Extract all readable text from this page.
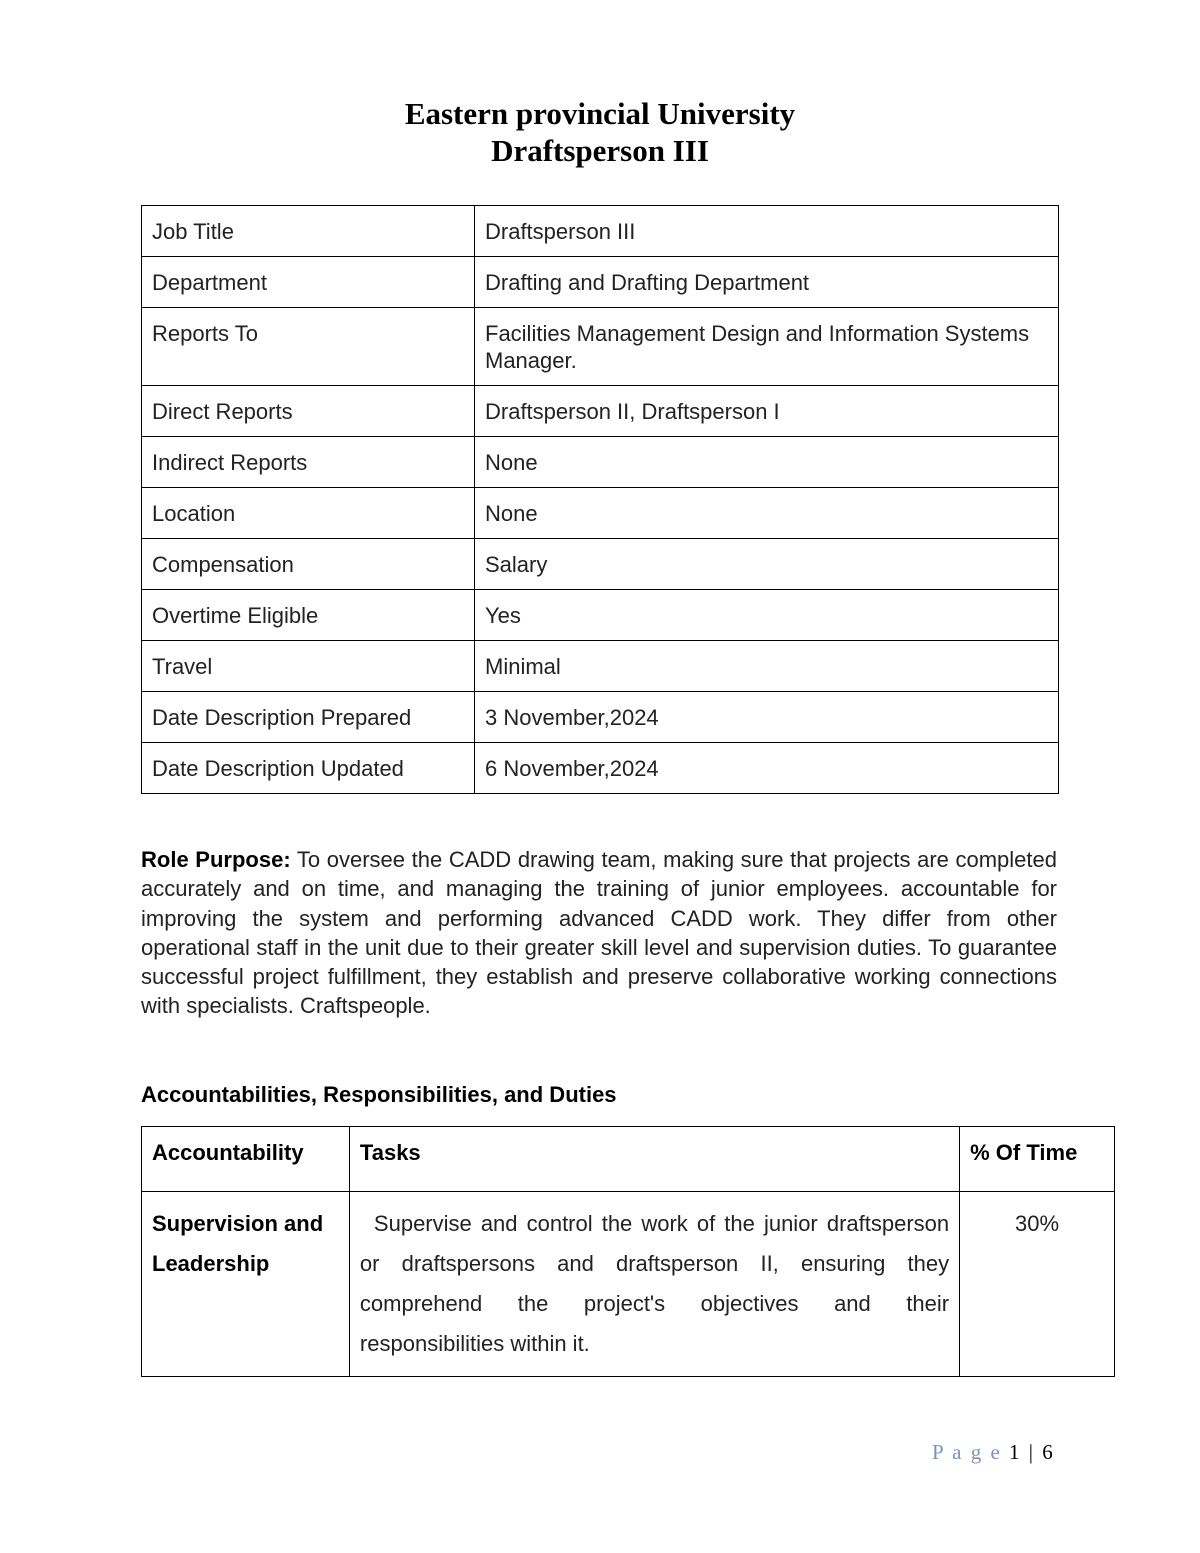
Eastern provincial University
Draftsperson III
Job Title	Draftsperson III
Department	Drafting and Drafting Department
Reports To	Facilities Management Design and Information Systems Manager.
Direct Reports	Draftsperson II, Draftsperson I
Indirect Reports	None
Location	None
Compensation	Salary
Overtime Eligible	Yes
Travel	Minimal
Date Description Prepared	3 November,2024
Date Description Updated	6 November,2024
Role Purpose: To oversee the CADD drawing team, making sure that projects are completed accurately and on time, and managing the training of junior employees. accountable for improving the system and performing advanced CADD work. They differ from other operational staff in the unit due to their greater skill level and supervision duties. To guarantee successful project fulfillment, they establish and preserve collaborative working connections with specialists. Craftspeople.
Accountabilities, Responsibilities, and Duties
Accountability	Tasks	% Of Time
Supervision and Leadership	Supervise and control the work of the junior draftsperson or draftspersons and draftsperson II, ensuring they comprehend the project's objectives and their responsibilities within it.	30%
P a g e 1 | 6
